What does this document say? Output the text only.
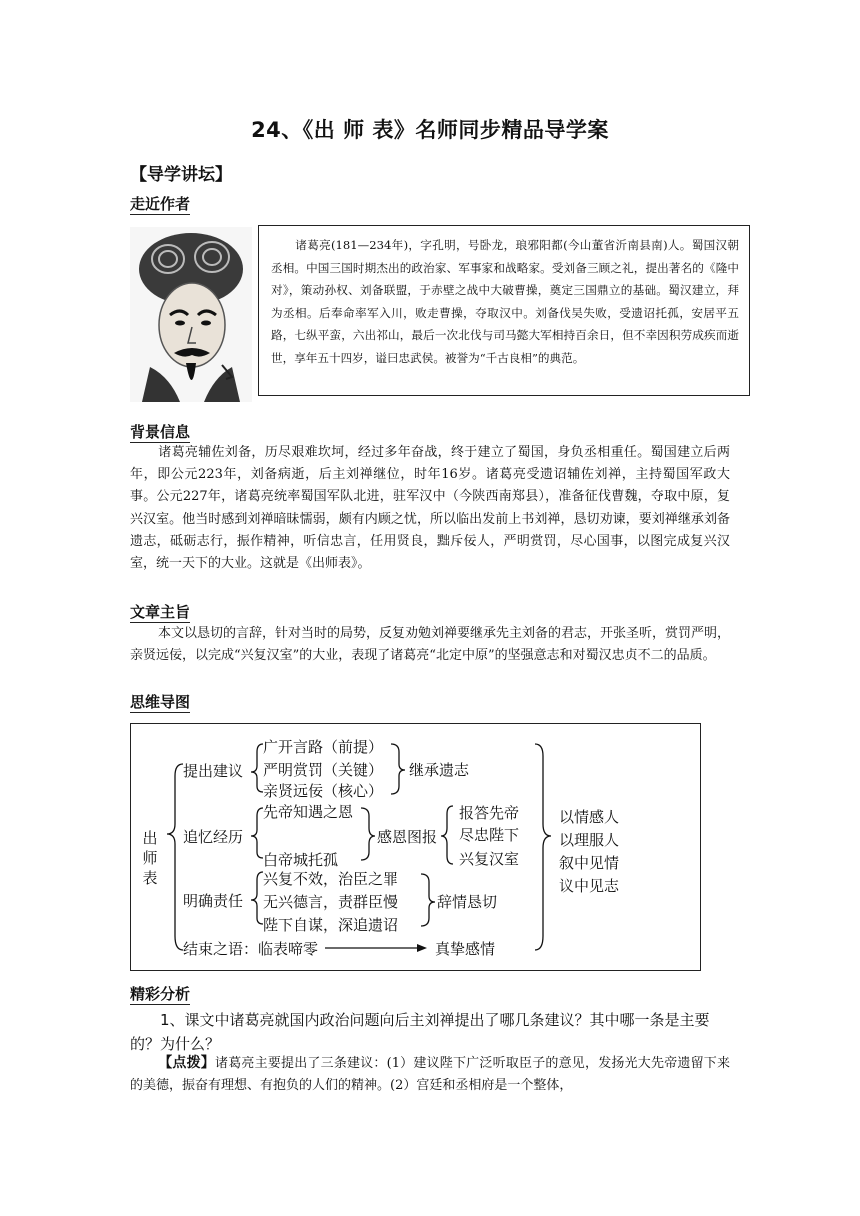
24、《出 师 表》名师同步精品导学案
【导学讲坛】
走近作者
诸葛亮(181—234年)，字孔明，号卧龙，琅邪阳都(今山董省沂南县南)人。蜀国汉朝丞相。中国三国时期杰出的政治家、军事家和战略家。受刘备三顾之礼，提出著名的《隆中对》，策动孙权、刘备联盟，于赤壁之战中大破曹操，奠定三国鼎立的基础。蜀汉建立，拜为丞相。后奉命率军入川，败走曹操，夺取汉中。刘备伐吴失败，受遗诏托孤，安居平五路，七纵平蛮，六出祁山，最后一次北伐与司马懿大军相持百余日，但不幸因积劳成疾而逝世，享年五十四岁，谥曰忠武侯。被誉为“千古良相”的典范。
背景信息
诸葛亮辅佐刘备，历尽艰难坎坷，经过多年奋战，终于建立了蜀国，身负丞相重任。蜀国建立后两年，即公元223年，刘备病逝，后主刘禅继位，时年16岁。诸葛亮受遗诏辅佐刘禅，主持蜀国军政大事。公元227年，诸葛亮统率蜀国军队北进，驻军汉中（今陕西南郑县），准备征伐曹魏，夺取中原，复兴汉室。他当时感到刘禅暗昧懦弱，颇有内顾之忧，所以临出发前上书刘禅，恳切劝谏，要刘禅继承刘备遗志，砥砺志行，振作精神，听信忠言，任用贤良，黜斥佞人，严明赏罚，尽心国事，以图完成复兴汉室，统一天下的大业。这就是《出师表》。
文章主旨
本文以恳切的言辞，针对当时的局势，反复劝勉刘禅要继承先主刘备的君志，开张圣听，赏罚严明，亲贤远佞，以完成“兴复汉室”的大业，表现了诸葛亮“北定中原”的坚强意志和对蜀汉忠贞不二的品质。
思维导图
出
师
表
提出建议
追忆经历
明确责任
结束之语：临表啼零
广开言路（前提）
严明赏罚（关键）
亲贤远佞（核心）
继承遗志
先帝知遇之恩
白帝城托孤
感恩图报
报答先帝
尽忠陛下
兴复汉室
兴复不效，治臣之罪
无兴德言，责群臣慢
陛下自谋，深追遗诏
辞情恳切
真挚感情
以情感人
以理服人
叙中见情
议中见志
精彩分析
1、课文中诸葛亮就国内政治问题向后主刘禅提出了哪几条建议？其中哪一条是主要的？为什么？
【点拨】诸葛亮主要提出了三条建议：(1）建议陛下广泛听取臣子的意见，发扬光大先帝遗留下来的美德，振奋有理想、有抱负的人们的精神。(2）宫廷和丞相府是一个整体，
